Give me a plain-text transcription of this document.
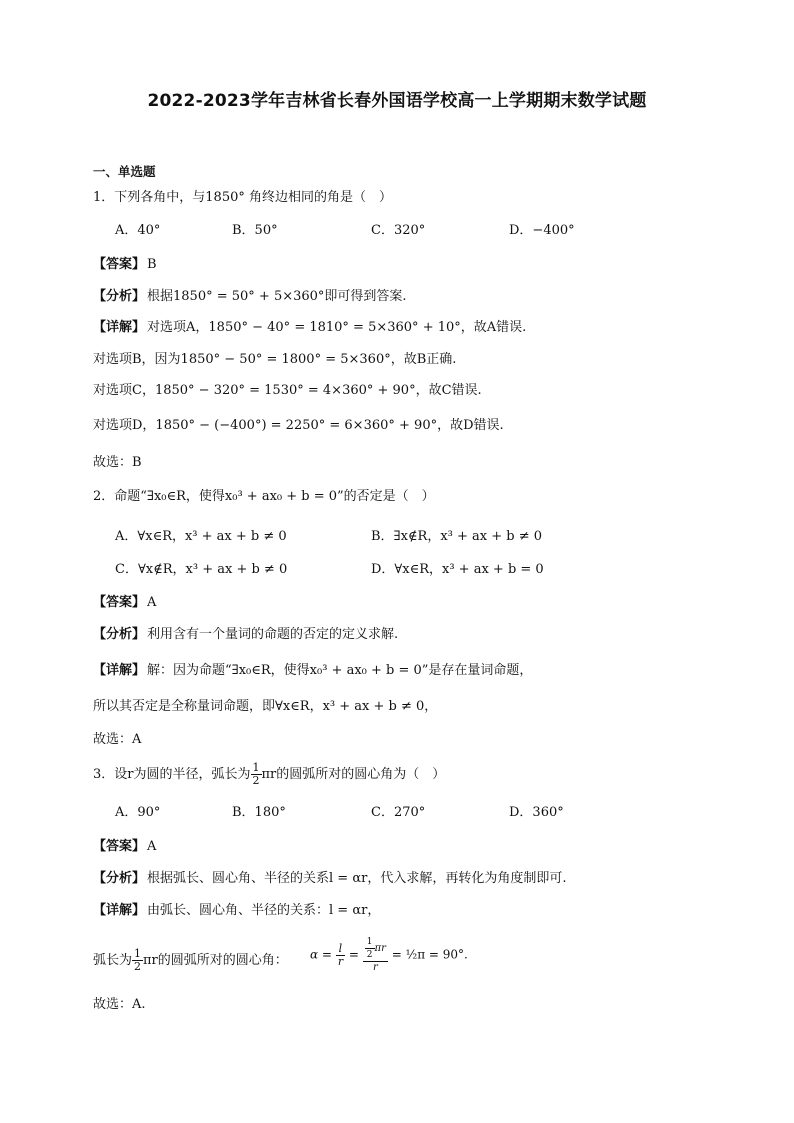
2022-2023学年吉林省长春外国语学校高一上学期期末数学试题
一、单选题
1．下列各角中，与1850° 角终边相同的角是（　）
A．40°	B．50°	C．320°	D．−400°
【答案】 B
【分析】 根据1850° = 50° + 5×360°即可得到答案.
【详解】 对选项A，1850° − 40° = 1810° = 5×360° + 10°，故A错误.
对选项B，因为1850° − 50° = 1800° = 5×360°，故B正确.
对选项C，1850° − 320° = 1530° = 4×360° + 90°，故C错误.
对选项D，1850° − (−400°) = 2250° = 6×360° + 90°，故D错误.
故选：B
2．命题“∃x₀∈R，使得x₀³ + ax₀ + b = 0”的否定是（　）
A．∀x∈R，x³ + ax + b ≠ 0	B．∃x∉R，x³ + ax + b ≠ 0
C．∀x∉R，x³ + ax + b ≠ 0	D．∀x∈R，x³ + ax + b = 0
【答案】 A
【分析】 利用含有一个量词的命题的否定的定义求解.
【详解】 解：因为命题“∃x₀∈R，使得x₀³ + ax₀ + b = 0”是存在量词命题，
所以其否定是全称量词命题，即∀x∈R，x³ + ax + b ≠ 0，
故选：A
3．设r为圆的半径，弧长为 $\frac{1}{2}$ πr的圆弧所对的圆心角为（　）
A．90°	B．180°	C．270°	D．360°
【答案】 A
【分析】 根据弧长、圆心角、半径的关系l = αr，代入求解，再转化为角度制即可.
【详解】 由弧长、圆心角、半径的关系：l = αr，
弧长为 $\frac{1}{2}$ πr的圆弧所对的圆心角： $\alpha = \frac{l}{r} = \frac{\frac{1}{2} \pi r}{r}$ = ½π = 90°.
故选：A.
